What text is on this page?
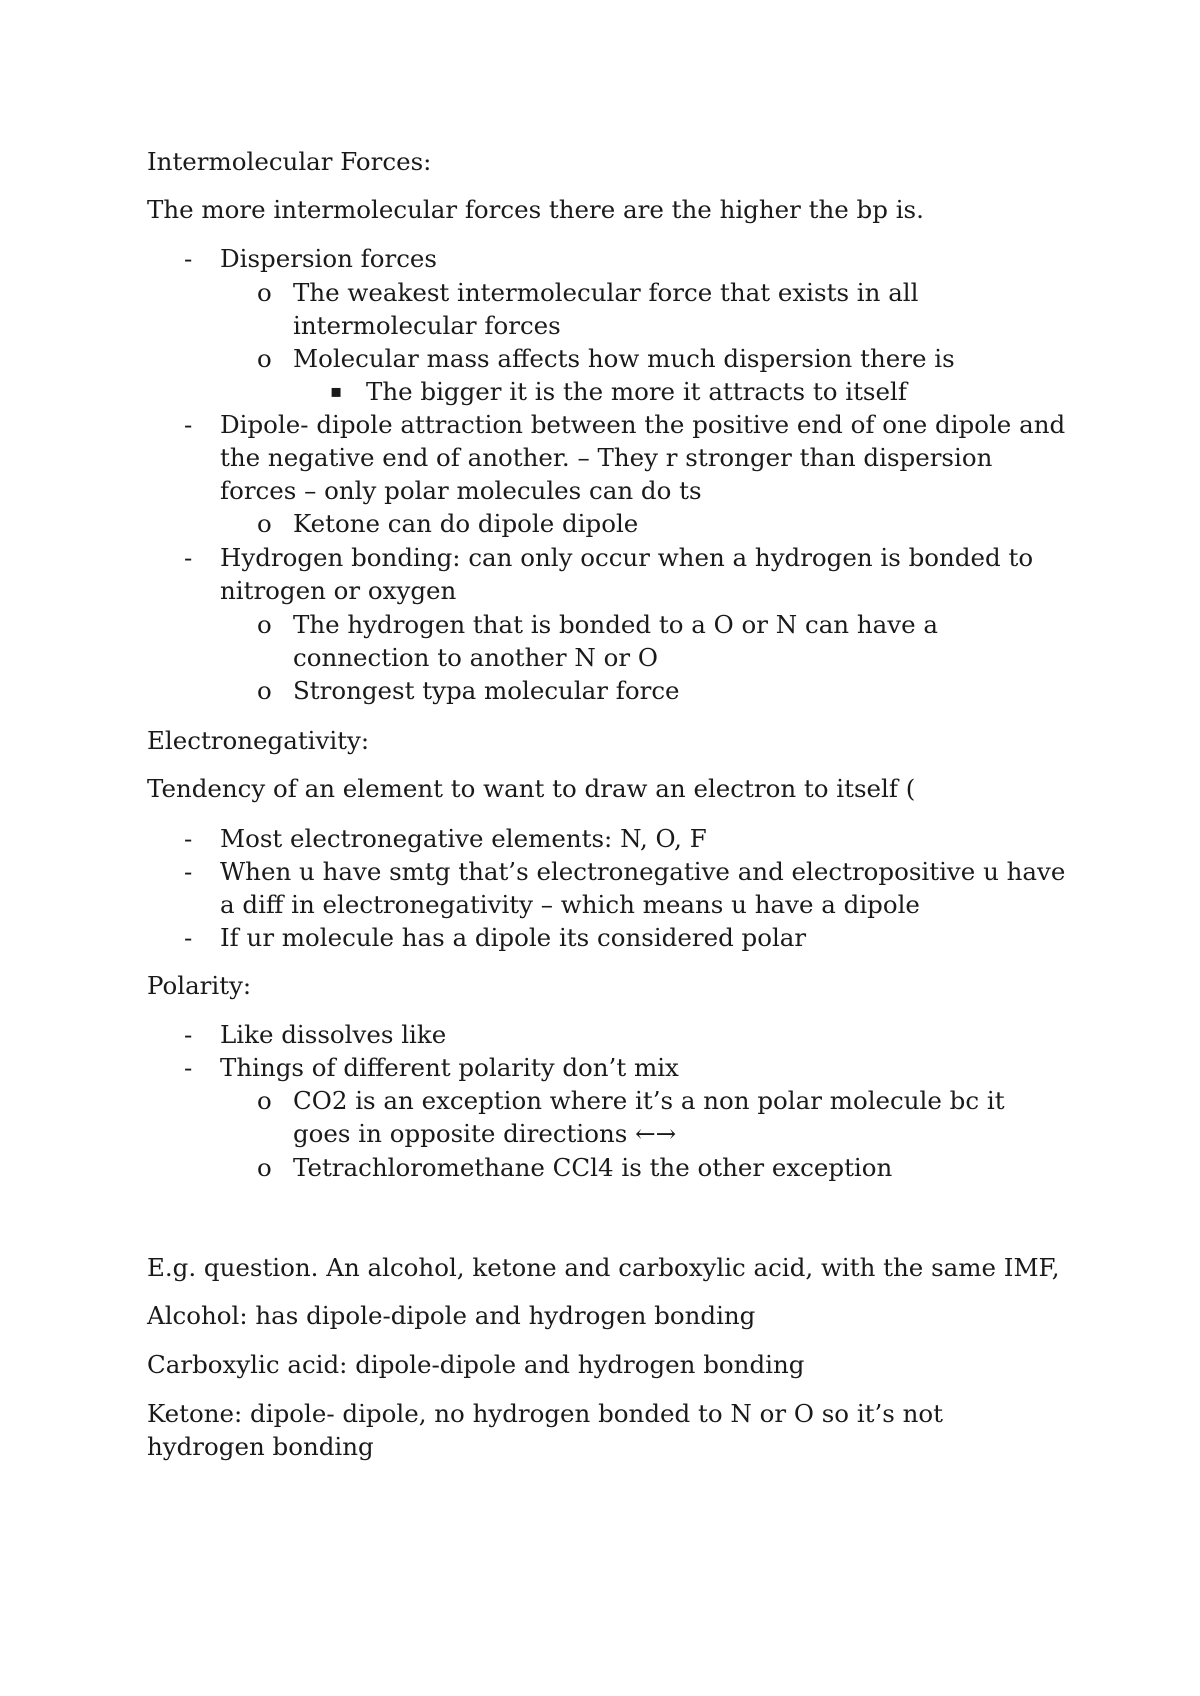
Intermolecular Forces:
The more intermolecular forces there are the higher the bp is.
- Dispersion forces
o The weakest intermolecular force that exists in all
intermolecular forces
o Molecular mass affects how much dispersion there is
▪ The bigger it is the more it attracts to itself
- Dipole- dipole attraction between the positive end of one dipole and
the negative end of another. – They r stronger than dispersion
forces – only polar molecules can do ts
o Ketone can do dipole dipole
- Hydrogen bonding: can only occur when a hydrogen is bonded to
nitrogen or oxygen
o The hydrogen that is bonded to a O or N can have a
connection to another N or O
o Strongest typa molecular force
Electronegativity:
Tendency of an element to want to draw an electron to itself (
- Most electronegative elements: N, O, F
- When u have smtg that’s electronegative and electropositive u have
a diff in electronegativity – which means u have a dipole
- If ur molecule has a dipole its considered polar
Polarity:
- Like dissolves like
- Things of different polarity don’t mix
o CO2 is an exception where it’s a non polar molecule bc it
goes in opposite directions ←→
o Tetrachloromethane CCl4 is the other exception
E.g. question. An alcohol, ketone and carboxylic acid, with the same IMF,
Alcohol: has dipole-dipole and hydrogen bonding
Carboxylic acid: dipole-dipole and hydrogen bonding
Ketone: dipole- dipole, no hydrogen bonded to N or O so it’s not
hydrogen bonding
